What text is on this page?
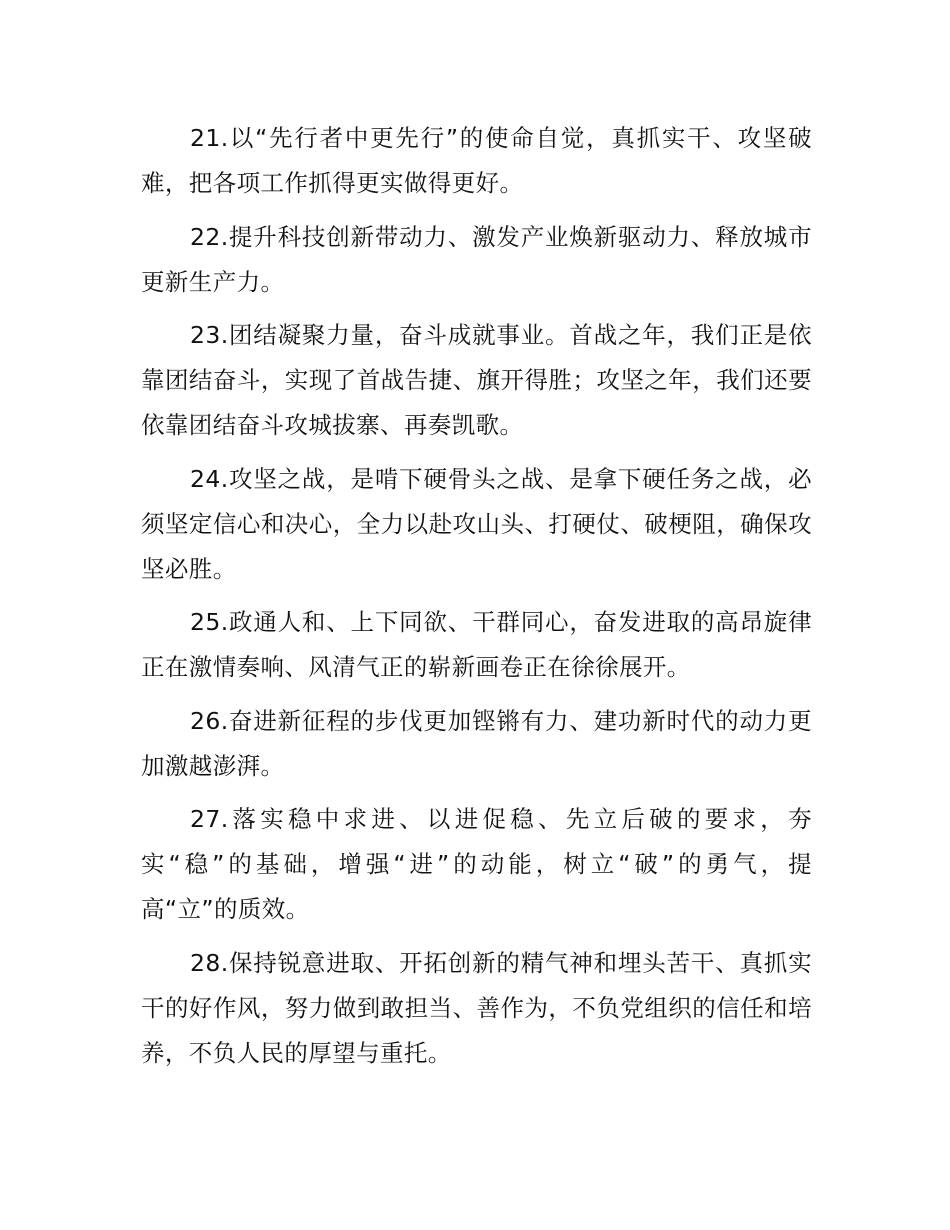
21.以“先行者中更先行”的使命自觉，真抓实干、攻坚破难，把各项工作抓得更实做得更好。

22.提升科技创新带动力、激发产业焕新驱动力、释放城市更新生产力。

23.团结凝聚力量，奋斗成就事业。首战之年，我们正是依靠团结奋斗，实现了首战告捷、旗开得胜；攻坚之年，我们还要依靠团结奋斗攻城拔寨、再奏凯歌。

24.攻坚之战，是啃下硬骨头之战、是拿下硬任务之战，必须坚定信心和决心，全力以赴攻山头、打硬仗、破梗阻，确保攻坚必胜。

25.政通人和、上下同欲、干群同心，奋发进取的高昂旋律正在激情奏响、风清气正的崭新画卷正在徐徐展开。

26.奋进新征程的步伐更加铿锵有力、建功新时代的动力更加激越澎湃。

27.落实稳中求进、以进促稳、先立后破的要求，夯实“稳”的基础，增强“进”的动能，树立“破”的勇气，提高“立”的质效。

28.保持锐意进取、开拓创新的精气神和埋头苦干、真抓实干的好作风，努力做到敢担当、善作为，不负党组织的信任和培养，不负人民的厚望与重托。
